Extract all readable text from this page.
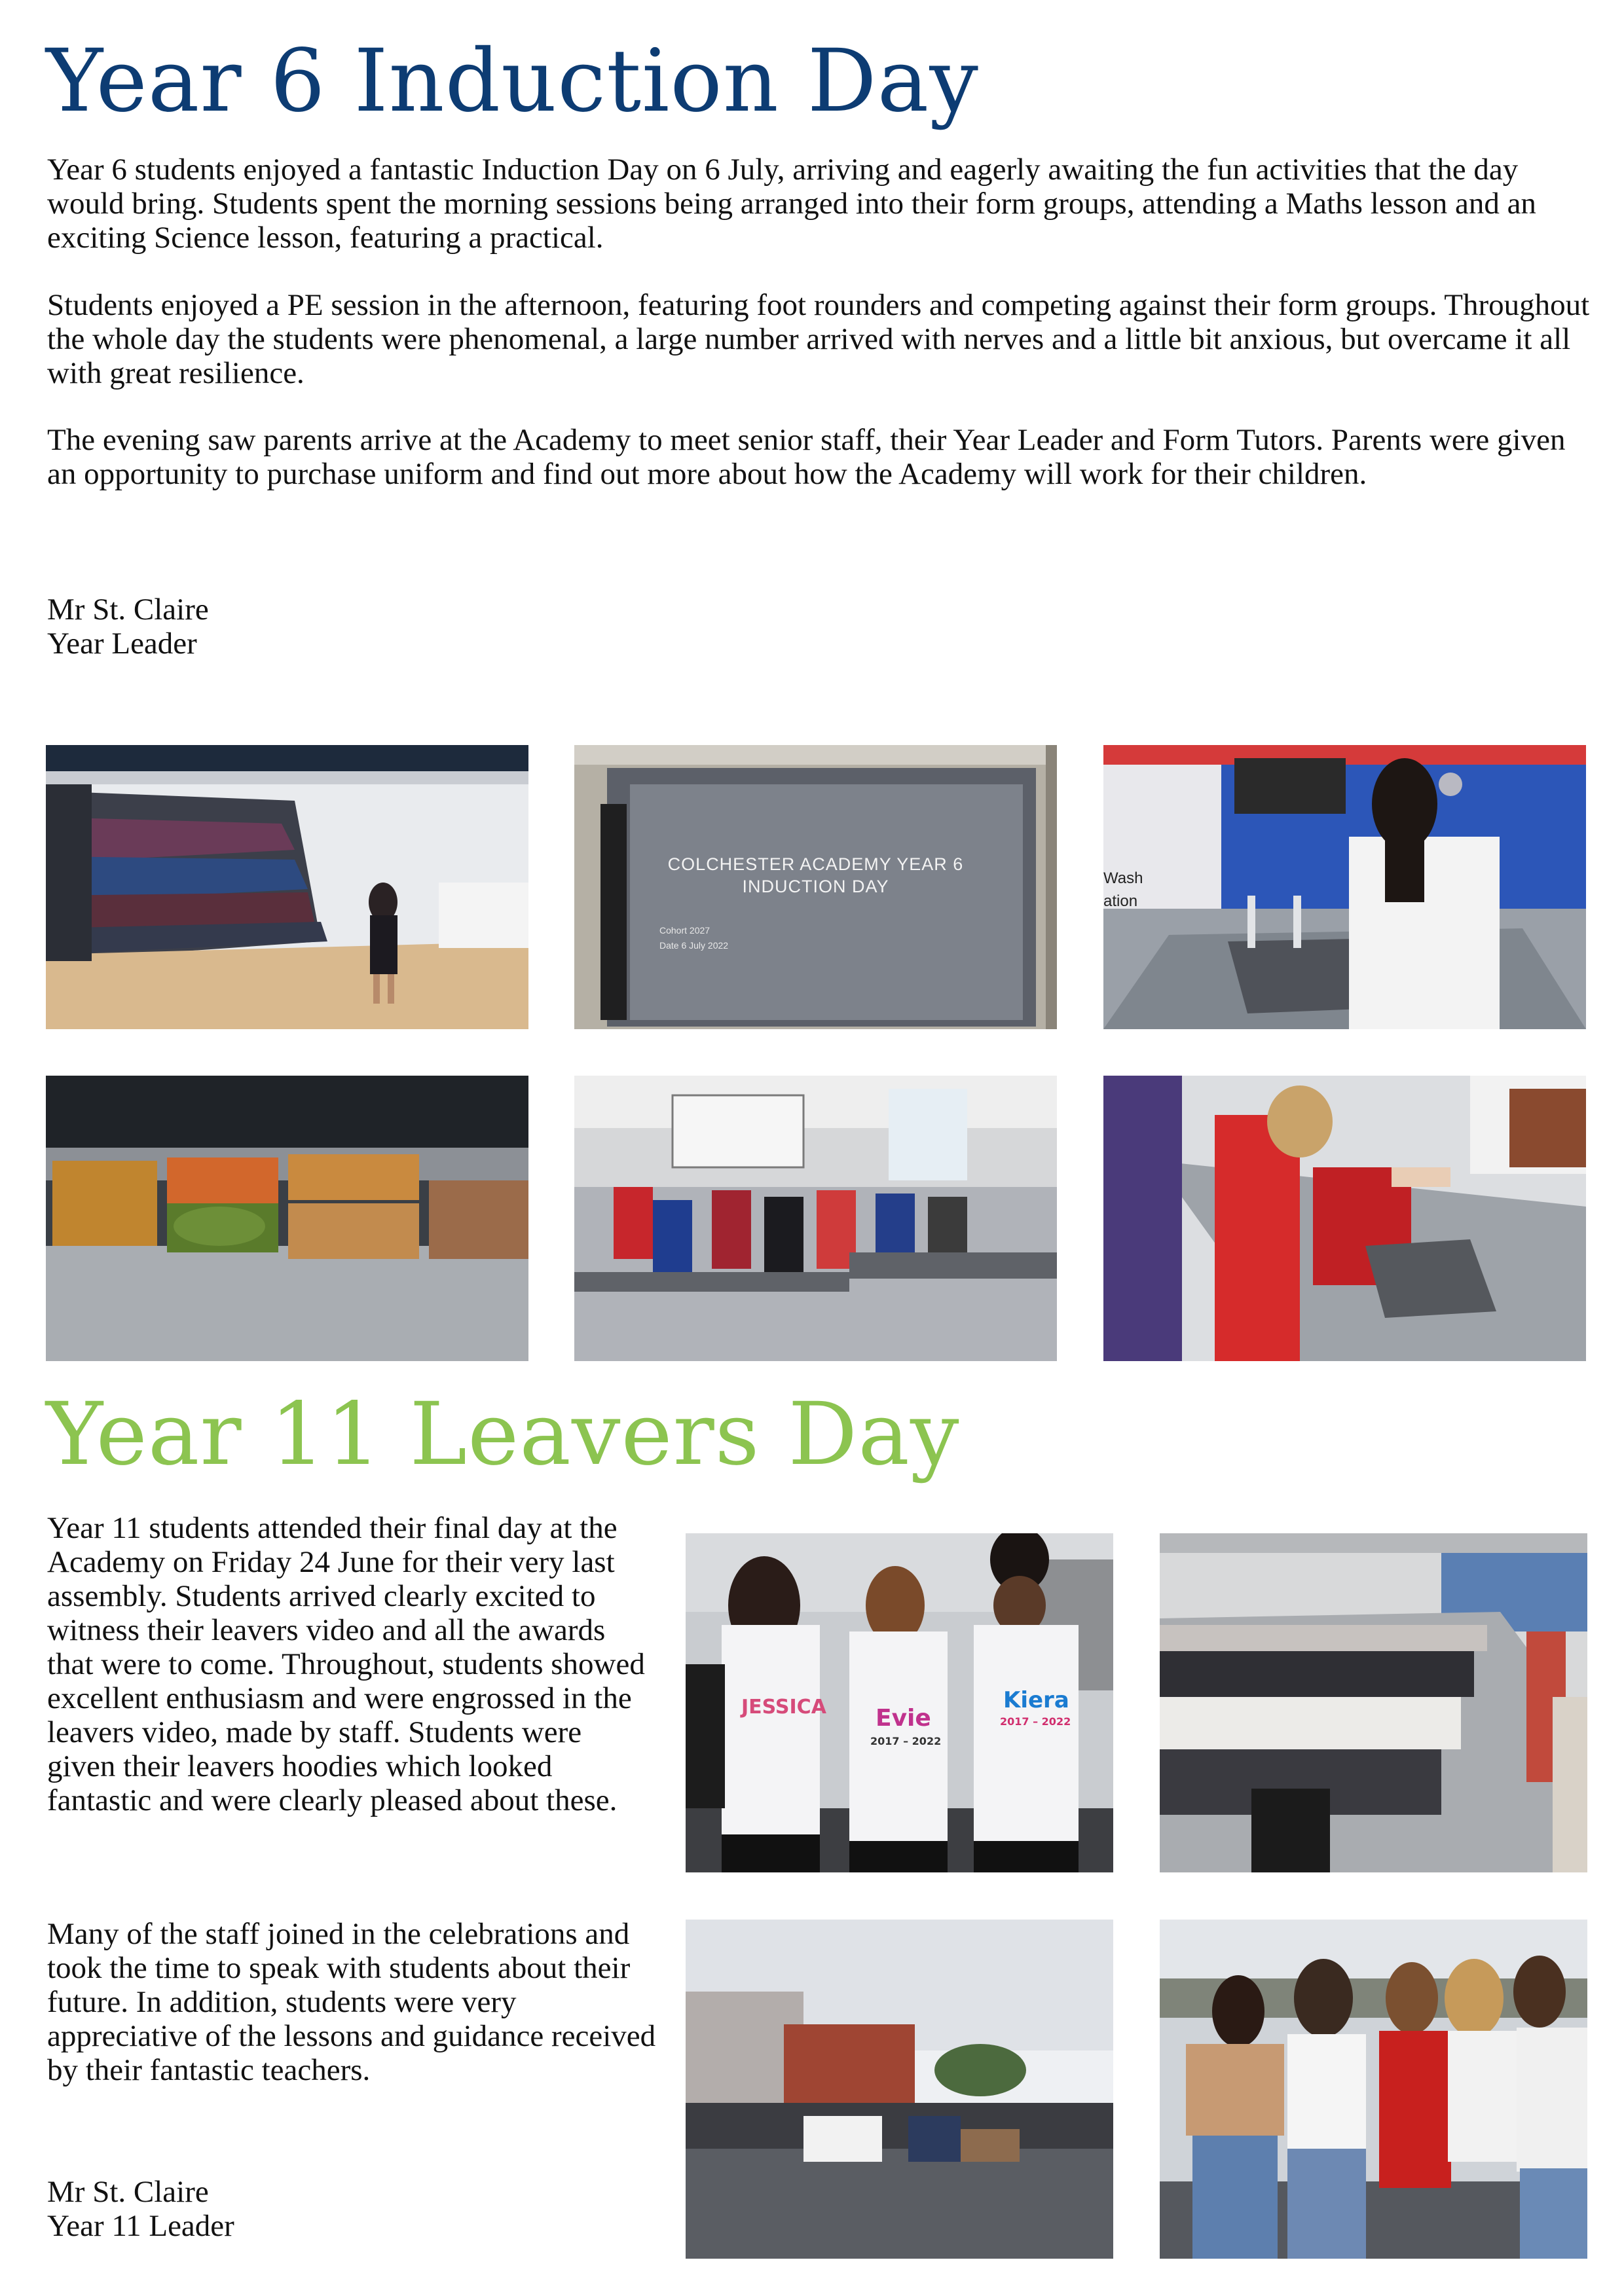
Year 6 Induction Day

Year 6 students enjoyed a fantastic Induction Day on 6 July, arriving and eagerly awaiting the fun activities that the day would bring. Students spent the morning sessions being arranged into their form groups, attending a Maths lesson and an exciting Science lesson, featuring a practical.

Students enjoyed a PE session in the afternoon, featuring foot rounders and competing against their form groups. Throughout the whole day the students were phenomenal, a large number arrived with nerves and a little bit anxious, but overcame it all with great resilience.

The evening saw parents arrive at the Academy to meet senior staff, their Year Leader and Form Tutors. Parents were given an opportunity to purchase uniform and find out more about how the Academy will work for their children.

Mr St. Claire
Year Leader
COLCHESTER ACADEMY YEAR 6
INDUCTION DAY
Cohort 2027
Date 6 July 2022
Wash
ation
Year 11 Leavers Day

Year 11 students attended their final day at the Academy on Friday 24 June for their very last assembly. Students arrived clearly excited to witness their leavers video and all the awards that were to come. Throughout, students showed excellent enthusiasm and were engrossed in the leavers video, made by staff. Students were given their leavers hoodies which looked fantastic and were clearly pleased about these.

Many of the staff joined in the celebrations and took the time to speak with students about their future. In addition, students were very appreciative of the lessons and guidance received by their fantastic teachers.

Mr St. Claire
Year 11 Leader
JESSICA Evie
2017 – 2022
Kiera
2017 – 2022
